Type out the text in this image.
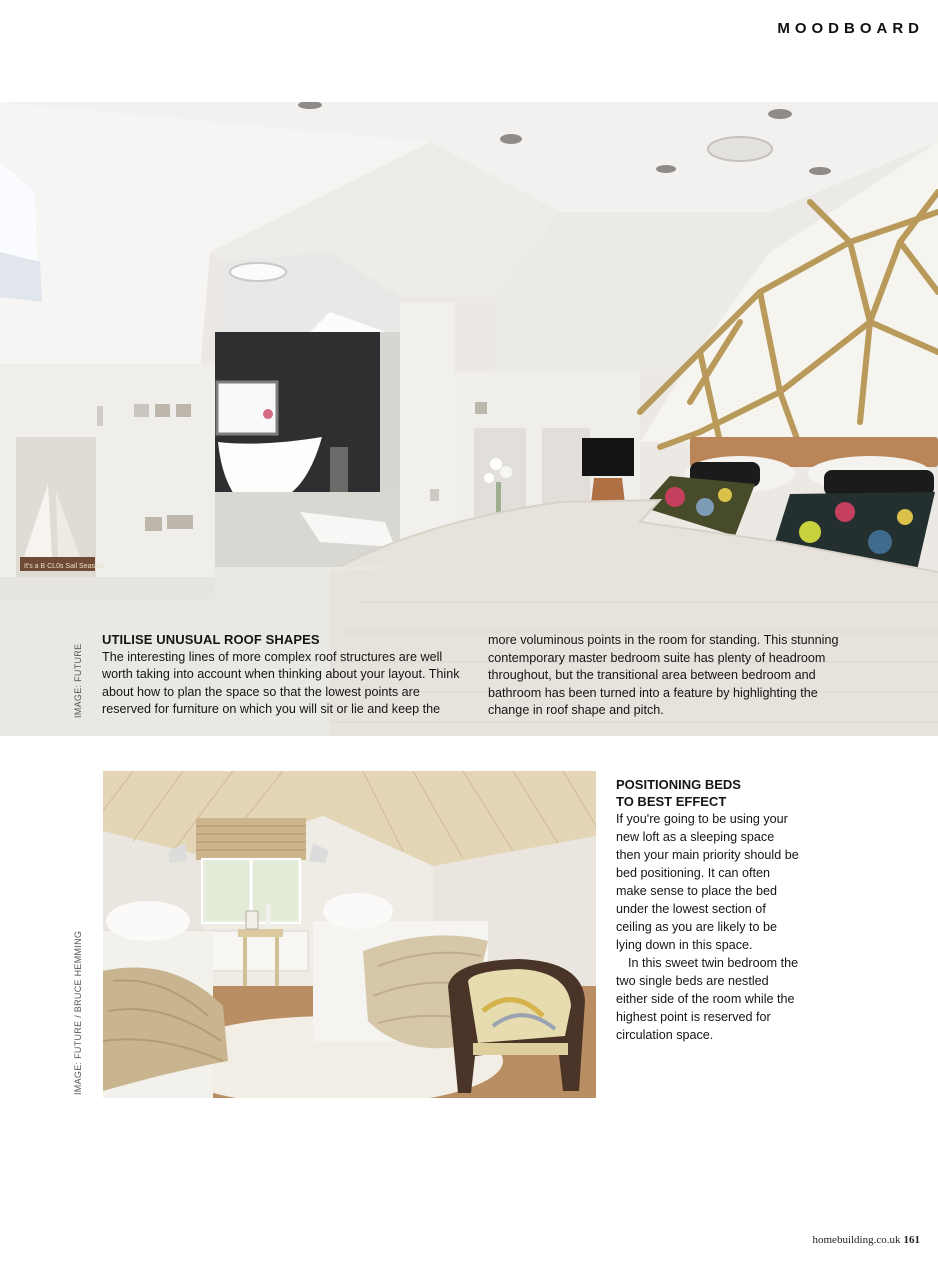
MOODBOARD
It's a B CL0s Sail Seaside
IMAGE: FUTURE
UTILISE UNUSUAL ROOF SHAPES

The interesting lines of more complex roof structures are well worth taking into account when thinking about your layout. Think about how to plan the space so that the lowest points are reserved for furniture on which you will sit or lie and keep the

more voluminous points in the room for standing. This stunning contemporary master bedroom suite has plenty of headroom throughout, but the transitional area between bedroom and bathroom has been turned into a feature by highlighting the change in roof shape and pitch.

IMAGE: FUTURE / BRUCE HEMMING
POSITIONING BEDS
TO BEST EFFECT

If you're going to be using your new loft as a sleeping space then your main priority should be bed positioning. It can often make sense to place the bed under the lowest section of ceiling as you are likely to be lying down in this space.

In this sweet twin bedroom the two single beds are nestled either side of the room while the highest point is reserved for circulation space.

homebuilding.co.uk 161
